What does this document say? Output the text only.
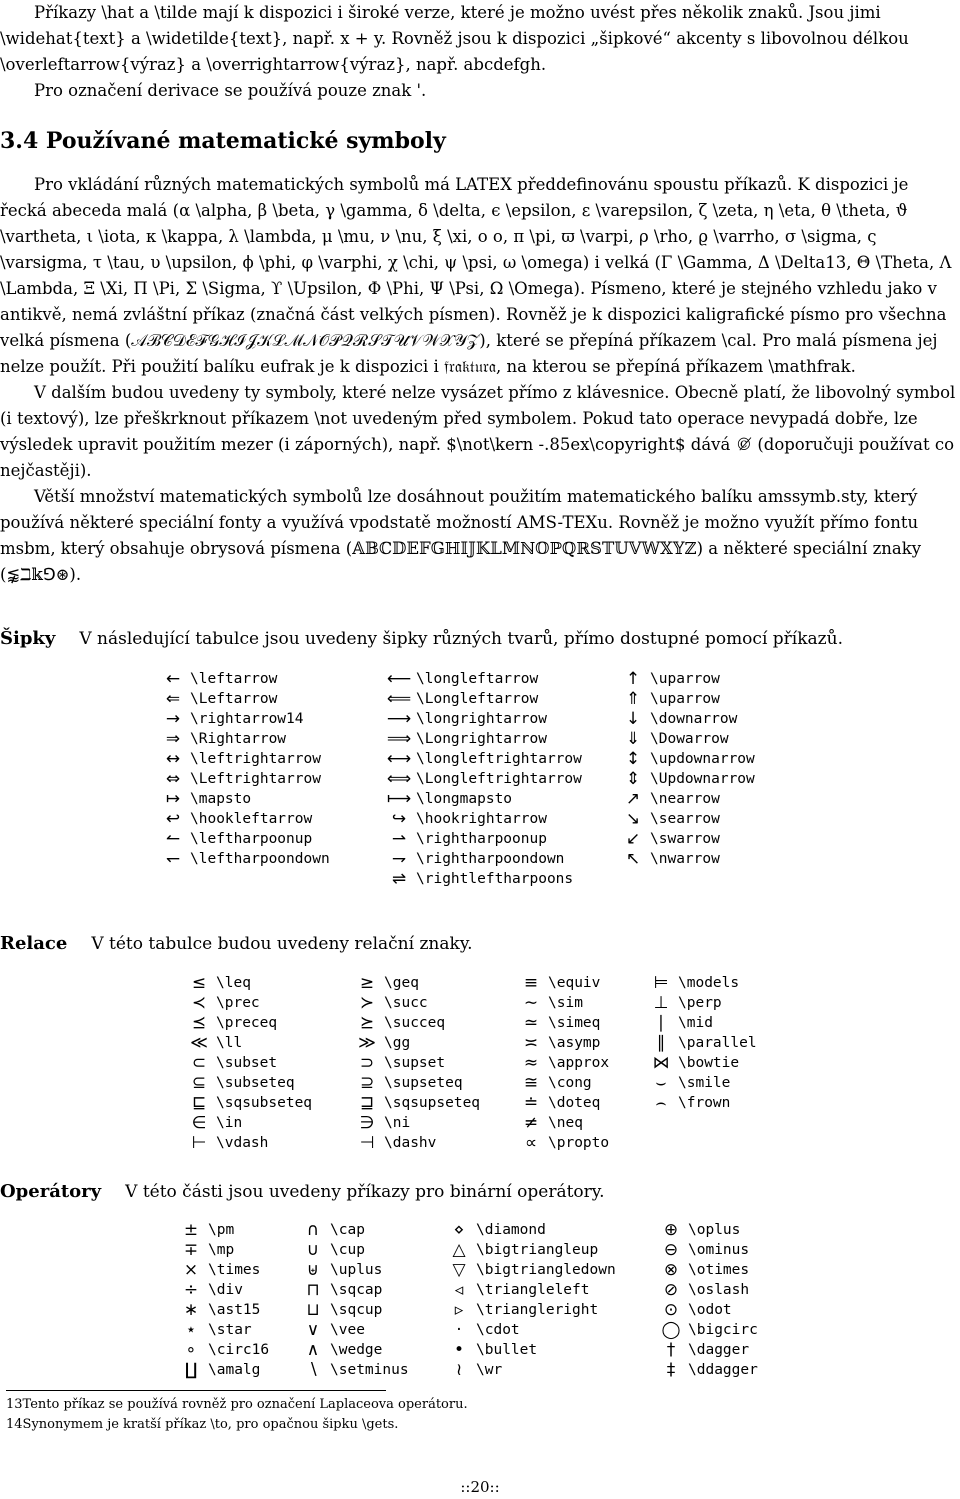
Příkazy \hat a \tilde mají k dispozici i široké verze, které je možno uvést přes několik znaků. Jsou jimi \widehat{text} a \widetilde{text}, např. x + y. Rovněž jsou k dispozici „šipkové“ akcenty s libovolnou délkou \overleftarrow{výraz} a \overrightarrow{výraz}, např. abcdefgh.

Pro označení derivace se používá pouze znak '.

3.4 Používané matematické symboly

Pro vkládání různých matematických symbolů má LATEX předdefinovánu spoustu příkazů. K dispozici je řecká abeceda malá (α \alpha, β \beta, γ \gamma, δ \delta, ϵ \epsilon, ε \varepsilon, ζ \zeta, η \eta, θ \theta, ϑ \vartheta, ι \iota, κ \kappa, λ \lambda, μ \mu, ν \nu, ξ \xi, o o, π \pi, ϖ \varpi, ρ \rho, ϱ \varrho, σ \sigma, ς \varsigma, τ \tau, υ \upsilon, ϕ \phi, φ \varphi, χ \chi, ψ \psi, ω \omega) i velká (Γ \Gamma, Δ \Delta13, Θ \Theta, Λ \Lambda, Ξ \Xi, Π \Pi, Σ \Sigma, ϒ \Upsilon, Φ \Phi, Ψ \Psi, Ω \Omega). Písmeno, které je stejného vzhledu jako v antikvě, nemá zvláštní příkaz (značná část velkých písmen). Rovněž je k dispozici kaligrafické písmo pro všechna velká písmena (𝒜ℬ𝒞𝒟ℰℱ𝒢ℋℐ𝒥𝒦ℒℳ𝒩𝒪𝒫𝒬ℛ𝒮𝒯𝒰𝒱𝒲𝒳𝒴𝒵), které se přepíná příkazem \cal. Pro malá písmena jej nelze použít. Při použití balíku eufrak je k dispozici i 𝔣𝔯𝔞𝔨𝔱𝔲𝔯𝔞, na kterou se přepíná příkazem \mathfrak.

V dalším budou uvedeny ty symboly, které nelze vysázet přímo z klávesnice. Obecně platí, že libovolný symbol (i textový), lze přeškrknout příkazem \not uvedeným před symbolem. Pokud tato operace nevypadá dobře, lze výsledek upravit použitím mezer (i záporných), např. $\not\kern -.85ex\copyright$ dává ©̸ (doporučuji používat co nejčastěji).

Větší množství matematických symbolů lze dosáhnout použitím matematického balíku amssymb.sty, který používá některé speciální fonty a využívá vpodstatě možností AMS-TEXu. Rovněž je možno využít přímo fontu msbm, který obsahuje obrysová písmena (𝔸𝔹ℂ𝔻𝔼𝔽𝔾ℍ𝕀𝕁𝕂𝕃𝕄ℕ𝕆ℙℚℝ𝕊𝕋𝕌𝕍𝕎𝕏𝕐ℤ) a některé speciální znaky (⪉ℶ𝕜⅁⊛).

Šipky V následující tabulce jsou uvedeny šipky různých tvarů, přímo dostupné pomocí příkazů.
←	\leftarrow	⟵	\longleftarrow	↑	\uparrow
⇐	\Leftarrow	⟸	\Longleftarrow	⇑	\uparrow
→	\rightarrow14	⟶	\longrightarrow	↓	\downarrow
⇒	\Rightarrow	⟹	\Longrightarrow	⇓	\Dowarrow
↔	\leftrightarrow	⟷	\longleftrightarrow	↕	\updownarrow
⇔	\Leftrightarrow	⟺	\Longleftrightarrow	⇕	\Updownarrow
↦	\mapsto	⟼	\longmapsto	↗	\nearrow
↩	\hookleftarrow	↪	\hookrightarrow	↘	\searrow
↼	\leftharpoonup	⇀	\rightharpoonup	↙	\swarrow
↽	\leftharpoondown	⇁	\rightharpoondown	↖	\nwarrow
		⇌	\rightleftharpoons		
Relace V této tabulce budou uvedeny relační znaky.
≤	\leq	≥	\geq	≡	\equiv	⊨	\models
≺	\prec	≻	\succ	∼	\sim	⊥	\perp
⪯	\preceq	⪰	\succeq	≃	\simeq	∣	\mid
≪	\ll	≫	\gg	≍	\asymp	∥	\parallel
⊂	\subset	⊃	\supset	≈	\approx	⋈	\bowtie
⊆	\subseteq	⊇	\supseteq	≅	\cong	⌣	\smile
⊑	\sqsubseteq	⊒	\sqsupseteq	≐	\doteq	⌢	\frown
∈	\in	∋	\ni	≠	\neq		
⊢	\vdash	⊣	\dashv	∝	\propto		
Operátory V této části jsou uvedeny příkazy pro binární operátory.
±	\pm	∩	\cap	⋄	\diamond	⊕	\oplus
∓	\mp	∪	\cup	△	\bigtriangleup	⊖	\ominus
×	\times	⊎	\uplus	▽	\bigtriangledown	⊗	\otimes
÷	\div	⊓	\sqcap	◃	\triangleleft	⊘	\oslash
∗	\ast15	⊔	\sqcup	▹	\triangleright	⊙	\odot
⋆	\star	∨	\vee	·	\cdot	◯	\bigcirc
∘	\circ16	∧	\wedge	•	\bullet	†	\dagger
∐	\amalg	∖	\setminus	≀	\wr	‡	\ddagger
13Tento příkaz se používá rovněž pro označení Laplaceova operátoru.
14Synonymem je kratší příkaz \to, pro opačnou šipku \gets.
::20::
